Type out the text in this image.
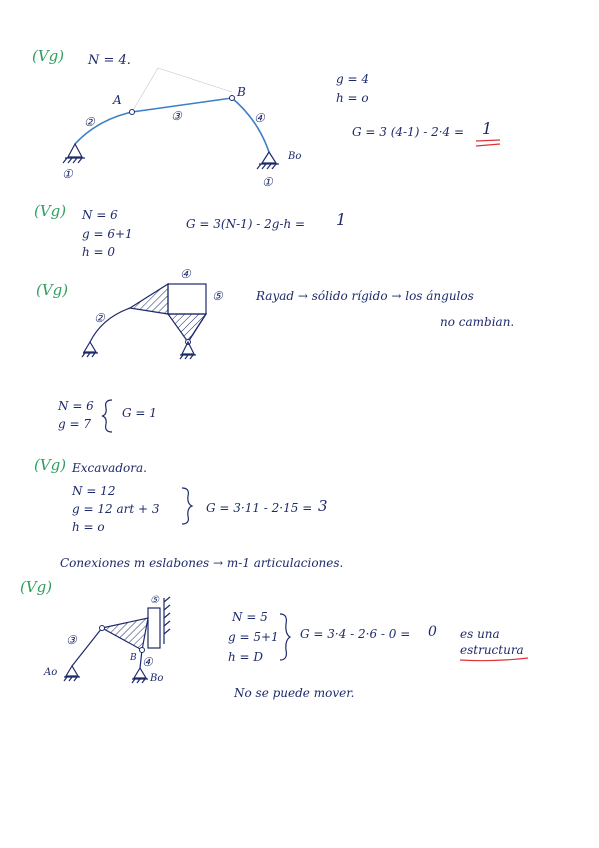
(Vg) N = 4.
A
B
②	③	④
Bo
①
①
g = 4
h = o
G = 3 (4-1) - 2·4 = 1
(Vg) N = 6
g = 6+1
h = 0
G = 3(N-1) - 2g-h = 1
(Vg)
②
④
⑤	Rayad → sólido rígido → los ángulos
no cambian.
N = 6
g = 7
G = 1
(Vg) Excavadora.
N = 12
g = 12 art + 3
h = o
G = 3·11 - 2·15 = 3
Conexiones m eslabones → m-1 articulaciones.
(Vg)
⑤
③
B ④
Ao
Bo
N = 5
g = 5+1
h = D
G = 3·4 - 2·6 - 0 = 0 es una
estructura
No se puede mover.
